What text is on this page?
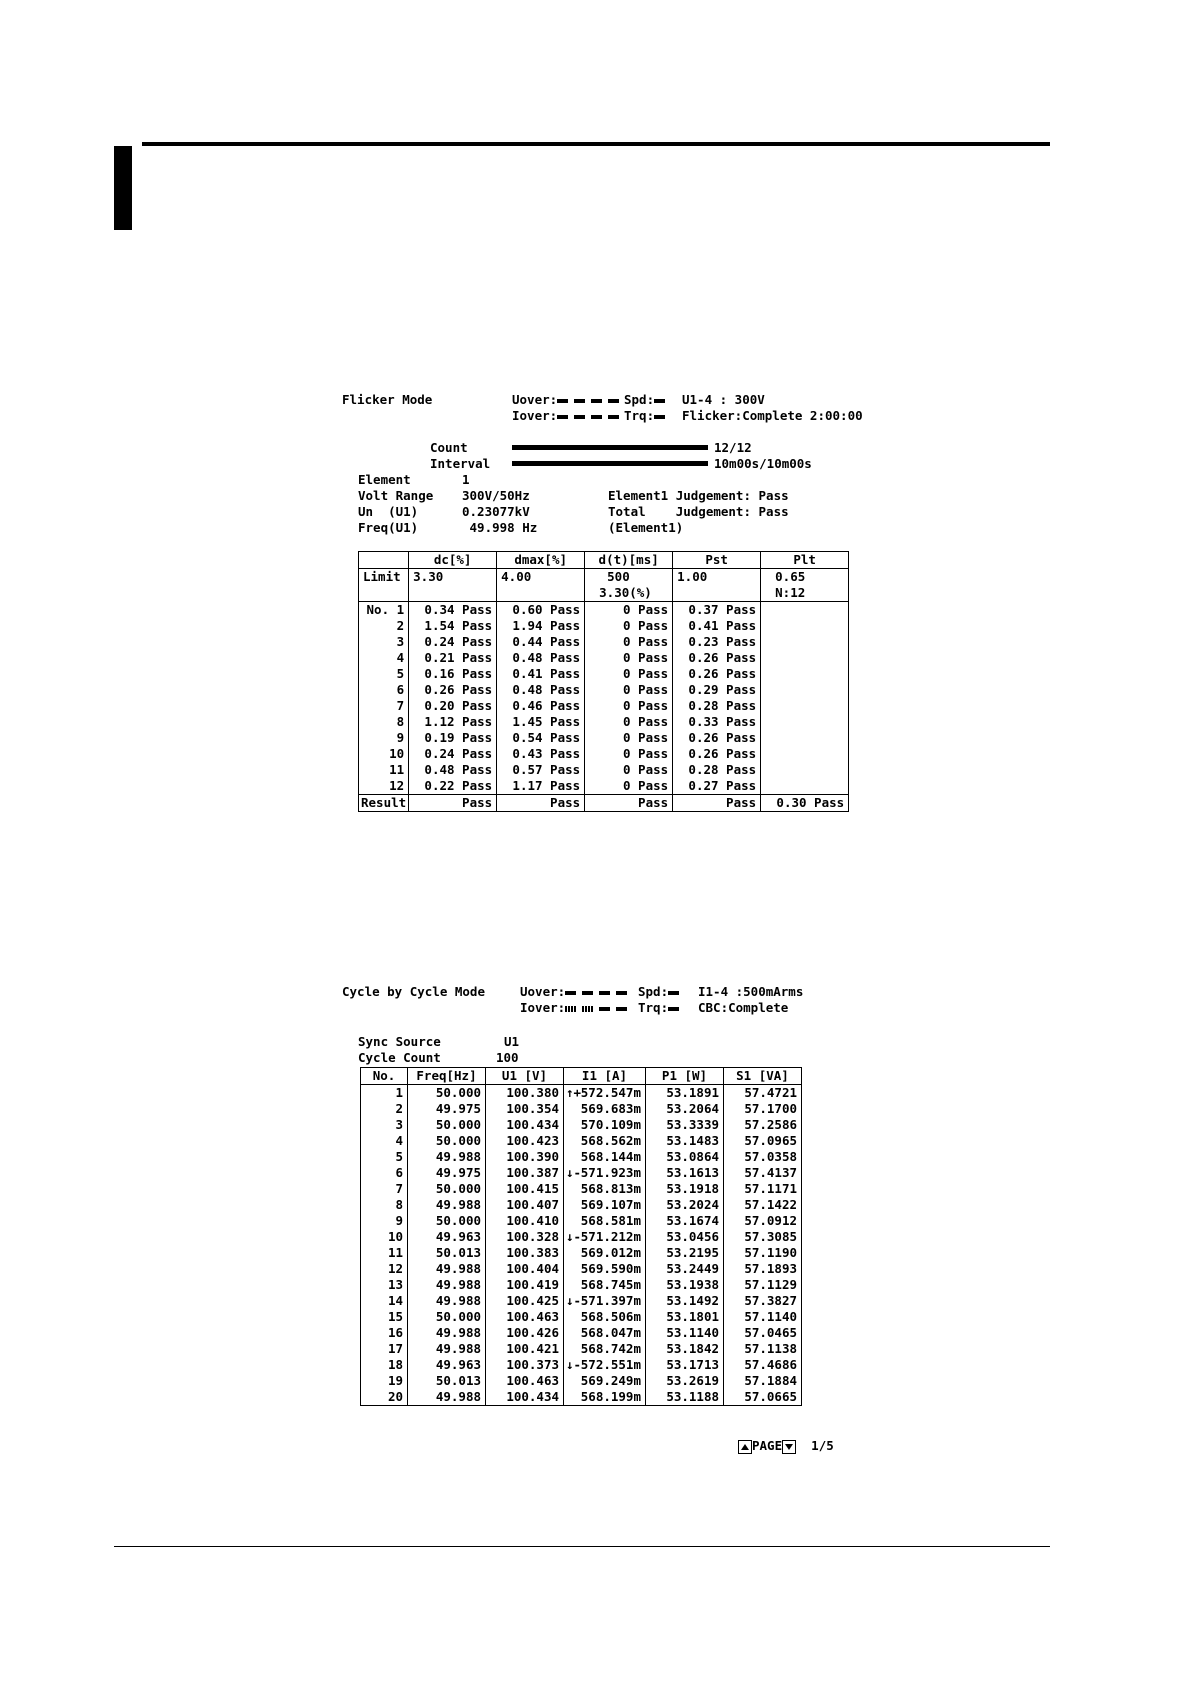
Flicker Mode	Uover:	Spd:	U1-4 : 300V
Iover:	Trq:	Flicker:Complete 2:00:00
Count	12/12
Interval	10m00s/10m00s
Element	1
Volt Range 300V/50Hz
Un  (U1)	0.23077kV
Freq(U1)	49.998 Hz
Element1 Judgement: Pass
Total    Judgement: Pass
(Element1)
	dc[%]	dmax[%]	d(t)[ms]	Pst	Plt
Limit	3.30	4.00	500	1.00	0.65
			3.30(%)		N:12
No. 1	0.34 Pass	0.60 Pass	0 Pass	0.37 Pass	
2	1.54 Pass	1.94 Pass	0 Pass	0.41 Pass	
3	0.24 Pass	0.44 Pass	0 Pass	0.23 Pass	
4	0.21 Pass	0.48 Pass	0 Pass	0.26 Pass	
5	0.16 Pass	0.41 Pass	0 Pass	0.26 Pass	
6	0.26 Pass	0.48 Pass	0 Pass	0.29 Pass	
7	0.20 Pass	0.46 Pass	0 Pass	0.28 Pass	
8	1.12 Pass	1.45 Pass	0 Pass	0.33 Pass	
9	0.19 Pass	0.54 Pass	0 Pass	0.26 Pass	
10	0.24 Pass	0.43 Pass	0 Pass	0.26 Pass	
11	0.48 Pass	0.57 Pass	0 Pass	0.28 Pass	
12	0.22 Pass	1.17 Pass	0 Pass	0.27 Pass	
Result	Pass	Pass	Pass	Pass	0.30 Pass
Cycle by Cycle Mode	Uover:	Spd:	I1-4 :500mArms
Iover:	Trq:	CBC:Complete
Sync Source	U1
Cycle Count	100
No.	Freq[Hz]	U1 [V]	I1 [A]	P1 [W]	S1 [VA]
1	50.000	100.380	↑+ 572.547m	53.1891	57.4721
2	49.975	100.354	569.683m	53.2064	57.1700
3	50.000	100.434	570.109m	53.3339	57.2586
4	50.000	100.423	568.562m	53.1483	57.0965
5	49.988	100.390	568.144m	53.0864	57.0358
6	49.975	100.387	↓- 571.923m	53.1613	57.4137
7	50.000	100.415	568.813m	53.1918	57.1171
8	49.988	100.407	569.107m	53.2024	57.1422
9	50.000	100.410	568.581m	53.1674	57.0912
10	49.963	100.328	↓- 571.212m	53.0456	57.3085
11	50.013	100.383	569.012m	53.2195	57.1190
12	49.988	100.404	569.590m	53.2449	57.1893
13	49.988	100.419	568.745m	53.1938	57.1129
14	49.988	100.425	↓- 571.397m	53.1492	57.3827
15	50.000	100.463	568.506m	53.1801	57.1140
16	49.988	100.426	568.047m	53.1140	57.0465
17	49.988	100.421	568.742m	53.1842	57.1138
18	49.963	100.373	↓- 572.551m	53.1713	57.4686
19	50.013	100.463	569.249m	53.2619	57.1884
20	49.988	100.434	568.199m	53.1188	57.0665
PAGE 1/5
